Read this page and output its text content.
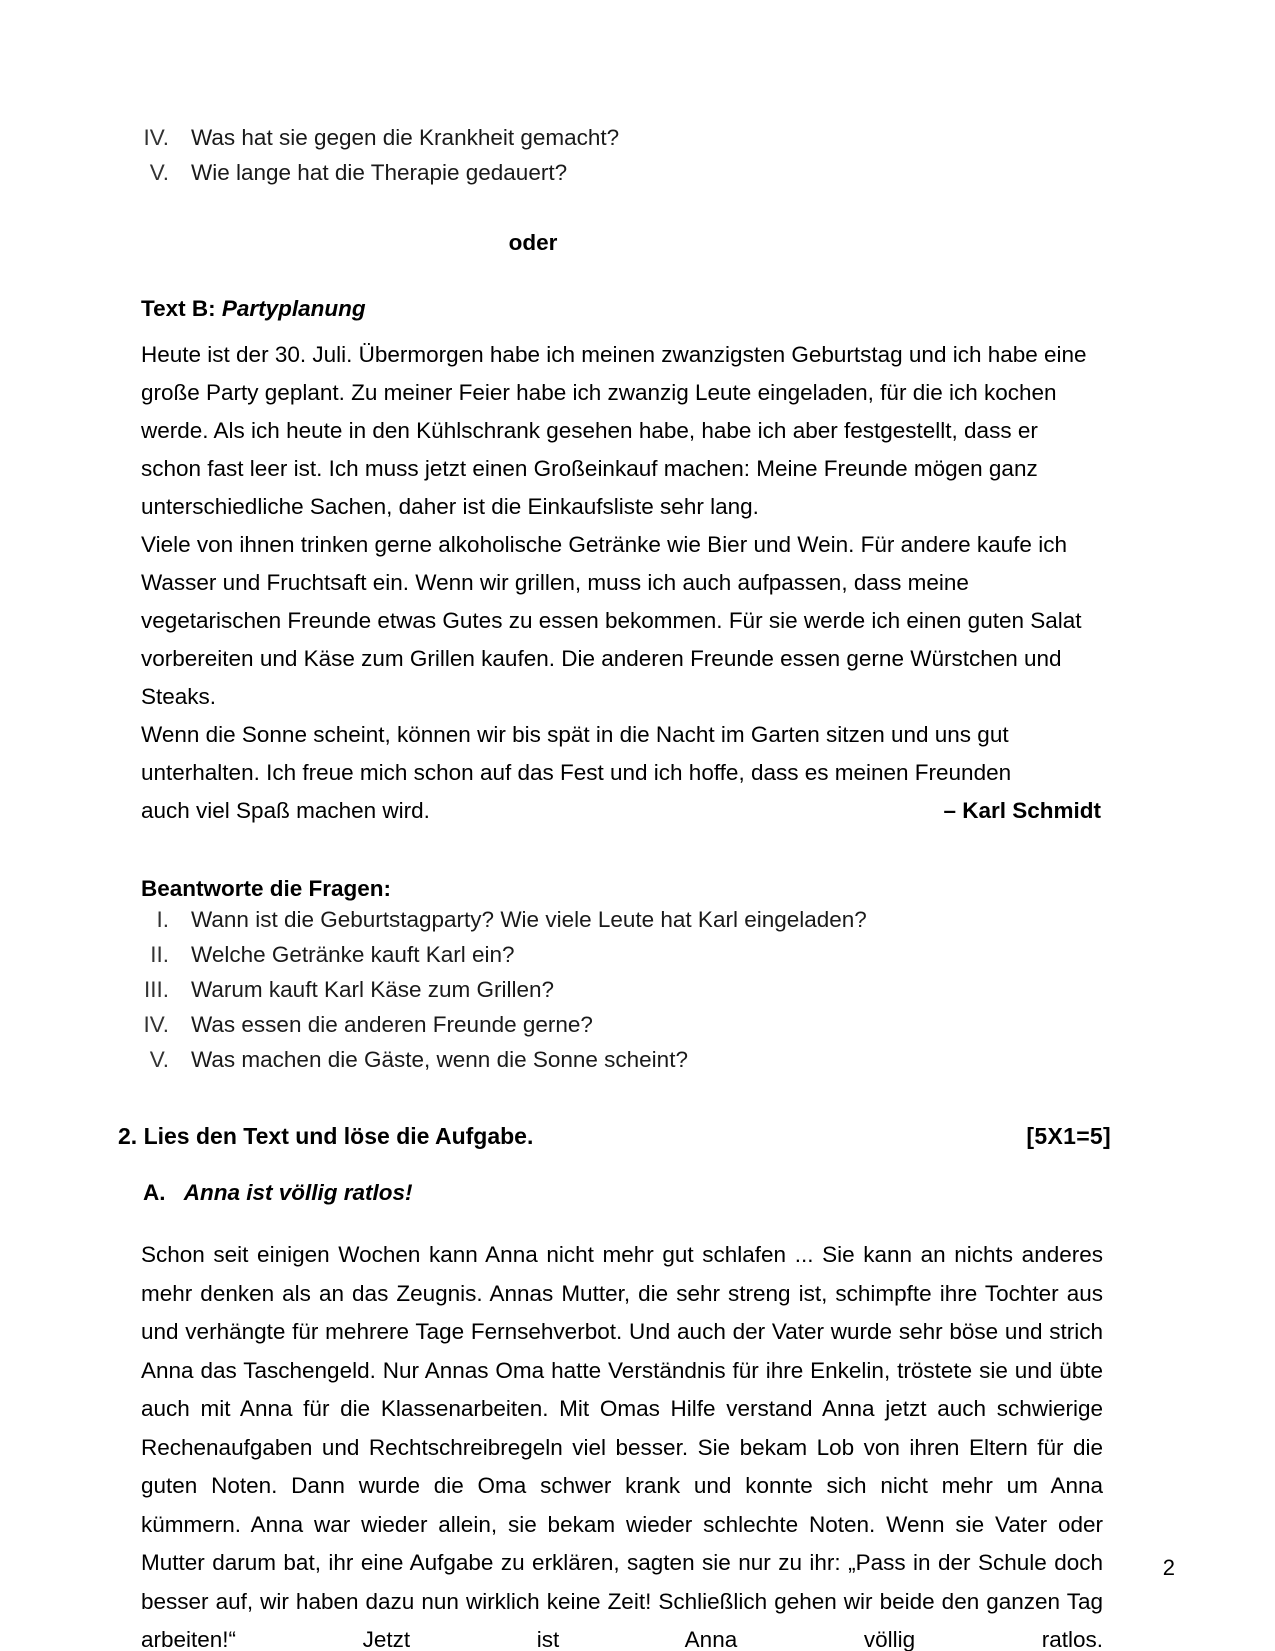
IV. Was hat sie gegen die Krankheit gemacht?
V. Wie lange hat die Therapie gedauert?
oder
Text B: Partyplanung

Heute ist der 30. Juli. Übermorgen habe ich meinen zwanzigsten Geburtstag und ich habe eine große Party geplant. Zu meiner Feier habe ich zwanzig Leute eingeladen, für die ich kochen werde. Als ich heute in den Kühlschrank gesehen habe, habe ich aber festgestellt, dass er schon fast leer ist. Ich muss jetzt einen Großeinkauf machen: Meine Freunde mögen ganz unterschiedliche Sachen, daher ist die Einkaufsliste sehr lang.

Viele von ihnen trinken gerne alkoholische Getränke wie Bier und Wein. Für andere kaufe ich Wasser und Fruchtsaft ein. Wenn wir grillen, muss ich auch aufpassen, dass meine vegetarischen Freunde etwas Gutes zu essen bekommen. Für sie werde ich einen guten Salat vorbereiten und Käse zum Grillen kaufen. Die anderen Freunde essen gerne Würstchen und Steaks.

Wenn die Sonne scheint, können wir bis spät in die Nacht im Garten sitzen und uns gut unterhalten. Ich freue mich schon auf das Fest und ich hoffe, dass es meinen Freunden

– Karl Schmidt
auch viel Spaß machen wird.
Beantworte die Fragen:
I. Wann ist die Geburtstagparty? Wie viele Leute hat Karl eingeladen?
II. Welche Getränke kauft Karl ein?
III. Warum kauft Karl Käse zum Grillen?
IV. Was essen die anderen Freunde gerne?
V. Was machen die Gäste, wenn die Sonne scheint?
2. Lies den Text und löse die Aufgabe.	[5X1=5]
A. Anna ist völlig ratlos!

Schon seit einigen Wochen kann Anna nicht mehr gut schlafen ... Sie kann an nichts anderes mehr denken als an das Zeugnis. Annas Mutter, die sehr streng ist, schimpfte ihre Tochter aus und verhängte für mehrere Tage Fernsehverbot. Und auch der Vater wurde sehr böse und strich Anna das Taschengeld. Nur Annas Oma hatte Verständnis für ihre Enkelin, tröstete sie und übte auch mit Anna für die Klassenarbeiten. Mit Omas Hilfe verstand Anna jetzt auch schwierige Rechenaufgaben und Rechtschreibregeln viel besser. Sie bekam Lob von ihren Eltern für die guten Noten. Dann wurde die Oma schwer krank und konnte sich nicht mehr um Anna kümmern. Anna war wieder allein, sie bekam wieder schlechte Noten. Wenn sie Vater oder Mutter darum bat, ihr eine Aufgabe zu erklären, sagten sie nur zu ihr: „Pass in der Schule doch besser auf, wir haben dazu nun wirklich keine Zeit! Schließlich gehen wir beide den ganzen Tag arbeiten!“ Jetzt ist Anna völlig ratlos.

2
